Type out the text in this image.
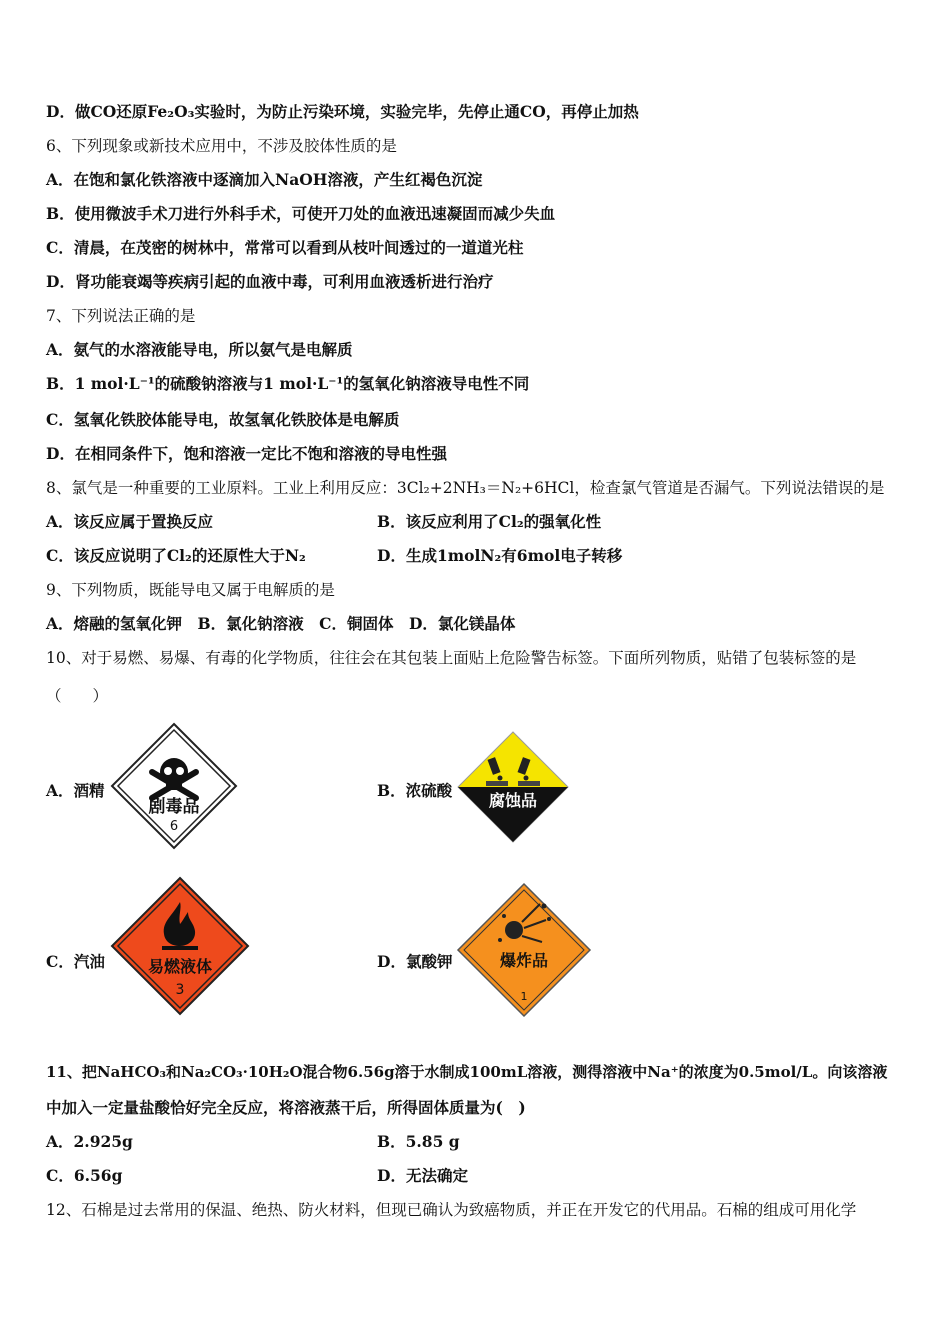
D．做CO还原Fe₂O₃实验时，为防止污染环境，实验完毕，先停止通CO，再停止加热
6、下列现象或新技术应用中，不涉及胶体性质的是
A．在饱和氯化铁溶液中逐滴加入NaOH溶液，产生红褐色沉淀
B．使用微波手术刀进行外科手术，可使开刀处的血液迅速凝固而减少失血
C．清晨，在茂密的树林中，常常可以看到从枝叶间透过的一道道光柱
D．肾功能衰竭等疾病引起的血液中毒，可利用血液透析进行治疗
7、下列说法正确的是
A．氨气的水溶液能导电，所以氨气是电解质
B．1 mol·L⁻¹的硫酸钠溶液与1 mol·L⁻¹的氢氧化钠溶液导电性不同
C．氢氧化铁胶体能导电，故氢氧化铁胶体是电解质
D．在相同条件下，饱和溶液一定比不饱和溶液的导电性强
8、氯气是一种重要的工业原料。工业上利用反应：3Cl₂+2NH₃＝N₂+6HCl，检查氯气管道是否漏气。下列说法错误的是
A．该反应属于置换反应	B．该反应利用了Cl₂的强氧化性
C．该反应说明了Cl₂的还原性大于N₂	D．生成1molN₂有6mol电子转移
9、下列物质，既能导电又属于电解质的是
A．熔融的氢氧化钾　B．氯化钠溶液　C．铜固体　D．氯化镁晶体
10、对于易燃、易爆、有毒的化学物质，往往会在其包装上面贴上危险警告标签。下面所列物质，贴错了包装标签的是
（　　）
A．酒精	B．浓硫酸
C．汽油	D．氯酸钾
剧毒品
6
腐蚀品
易燃液体
3
爆炸品
1
11、把NaHCO₃和Na₂CO₃·10H₂O混合物6.56g溶于水制成100mL溶液，测得溶液中Na⁺的浓度为0.5mol/L。向该溶液
中加入一定量盐酸恰好完全反应，将溶液蒸干后，所得固体质量为(　)
A．2.925g	B．5.85 g
C．6.56g	D．无法确定
12、石棉是过去常用的保温、绝热、防火材料，但现已确认为致癌物质，并正在开发它的代用品。石棉的组成可用化学
